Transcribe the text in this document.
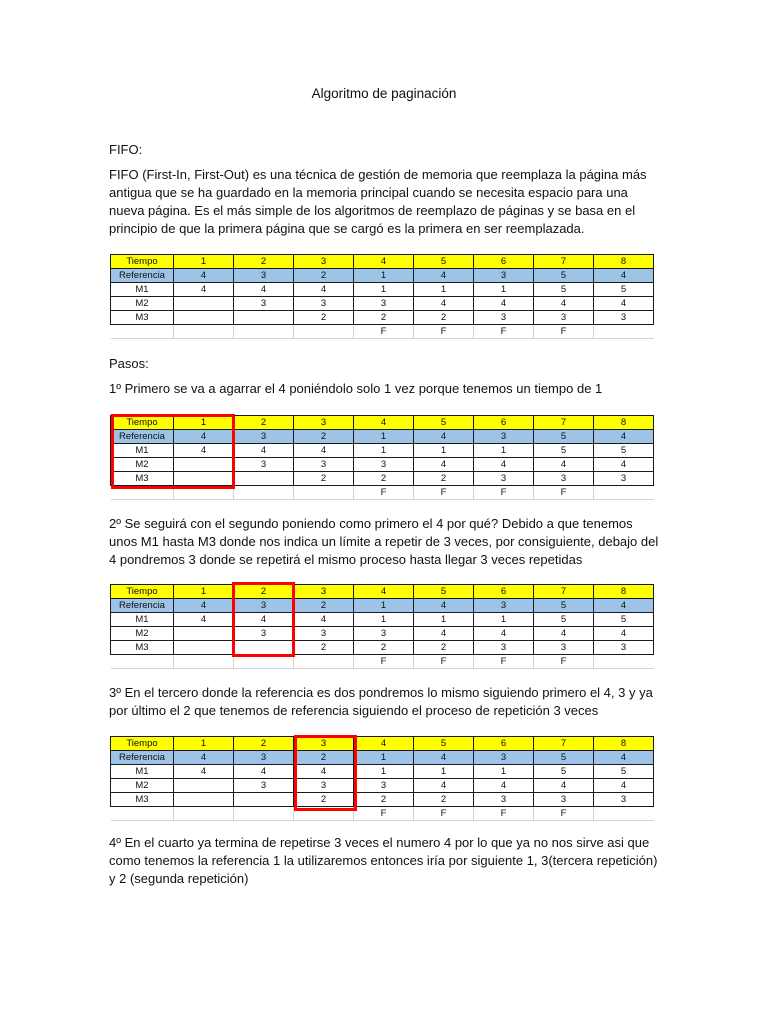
Algoritmo de paginación

FIFO:

FIFO (First-In, First-Out) es una técnica de gestión de memoria que reemplaza la página más antigua que se ha guardado en la memoria principal cuando se necesita espacio para una nueva página. Es el más simple de los algoritmos de reemplazo de páginas y se basa en el principio de que la primera página que se cargó es la primera en ser reemplazada.

Tiempo	1	2	3	4	5	6	7	8
Referencia	4	3	2	1	4	3	5	4
M1	4	4	4	1	1	1	5	5
M2		3	3	3	4	4	4	4
M3			2	2	2	3	3	3
				F	F	F	F	

Pasos:

1º Primero se va a agarrar el 4 poniéndolo solo 1 vez porque tenemos un tiempo de 1

Tiempo	1	2	3	4	5	6	7	8
Referencia	4	3	2	1	4	3	5	4
M1	4	4	4	1	1	1	5	5
M2		3	3	3	4	4	4	4
M3			2	2	2	3	3	3
				F	F	F	F	

2º Se seguirá con el segundo poniendo como primero el 4 por qué? Debido a que tenemos unos M1 hasta M3 donde nos indica un límite a repetir de 3 veces, por consiguiente, debajo del 4 pondremos 3 donde se repetirá el mismo proceso hasta llegar 3 veces repetidas

Tiempo	1	2	3	4	5	6	7	8
Referencia	4	3	2	1	4	3	5	4
M1	4	4	4	1	1	1	5	5
M2		3	3	3	4	4	4	4
M3			2	2	2	3	3	3
				F	F	F	F	

3º En el tercero donde la referencia es dos pondremos lo mismo siguiendo primero el 4, 3 y ya por último el 2 que tenemos de referencia siguiendo el proceso de repetición 3 veces

Tiempo	1	2	3	4	5	6	7	8
Referencia	4	3	2	1	4	3	5	4
M1	4	4	4	1	1	1	5	5
M2		3	3	3	4	4	4	4
M3			2	2	2	3	3	3
				F	F	F	F	

4º En el cuarto ya termina de repetirse 3 veces el numero 4 por lo que ya no nos sirve asi que como tenemos la referencia 1 la utilizaremos entonces iría por siguiente 1, 3(tercera repetición) y 2 (segunda repetición)
